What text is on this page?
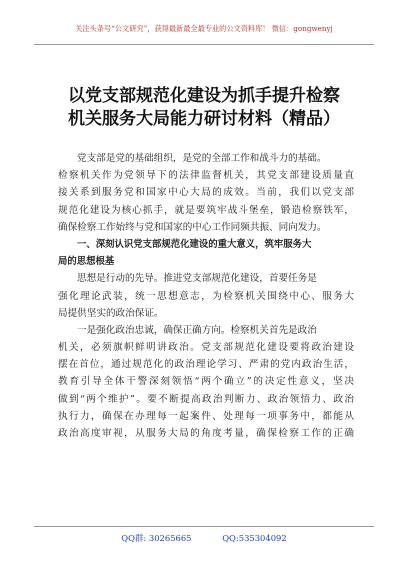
关注头条号“公文研究”，获得最新最全最专业的公文资料库！ 微信：gongwenyj
以党支部规范化建设为抓手提升检察
机关服务大局能力研讨材料（精品）
党支部是党的基础组织，是党的全部工作和战斗力的基础。
检察机关作为党领导下的法律监督机关，其党支部建设质量直
接关系到服务党和国家中心大局的成效。当前，我们以党支部
规范化建设为核心抓手，就是要筑牢战斗堡垒，锻造检察铁军，
确保检察工作始终与党和国家的中心工作同频共振、同向发力。
一、深刻认识党支部规范化建设的重大意义，筑牢服务大
局的思想根基
思想是行动的先导。推进党支部规范化建设，首要任务是
强化理论武装，统一思想意志，为检察机关围绕中心、服务大
局提供坚实的政治保证。
一是强化政治忠诚，确保正确方向。检察机关首先是政治
机关，必须旗帜鲜明讲政治。党支部规范化建设要将政治建设
摆在首位，通过规范化的政治理论学习、严肃的党内政治生活，
教育引导全体干警深刻领悟“两个确立”的决定性意义，坚决
做到“两个维护”。要不断提高政治判断力、政治领悟力、政治
执行力，确保在办理每一起案件、处理每一项事务中，都能从
政治高度审视，从服务大局的角度考量，确保检察工作的正确
QQ群: 30265665	QQ:535304092
